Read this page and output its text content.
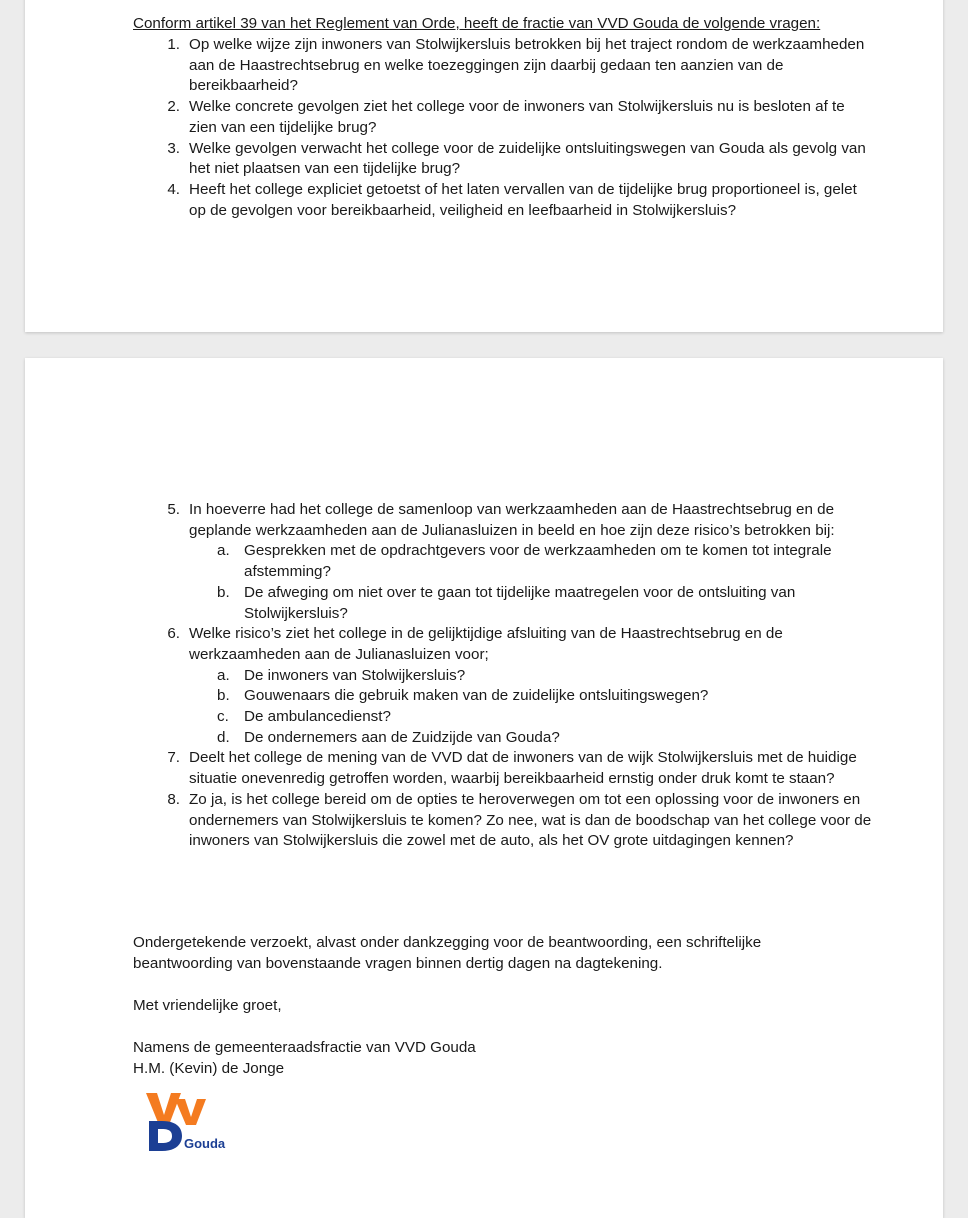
Conform artikel 39 van het Reglement van Orde, heeft de fractie van VVD Gouda de volgende vragen:
1. Op welke wijze zijn inwoners van Stolwijkersluis betrokken bij het traject rondom de werkzaamheden aan de Haastrechtsebrug en welke toezeggingen zijn daarbij gedaan ten aanzien van de bereikbaarheid?
2. Welke concrete gevolgen ziet het college voor de inwoners van Stolwijkersluis nu is besloten af te zien van een tijdelijke brug?
3. Welke gevolgen verwacht het college voor de zuidelijke ontsluitingswegen van Gouda als gevolg van het niet plaatsen van een tijdelijke brug?
4. Heeft het college expliciet getoetst of het laten vervallen van de tijdelijke brug proportioneel is, gelet op de gevolgen voor bereikbaarheid, veiligheid en leefbaarheid in Stolwijkersluis?
5. In hoeverre had het college de samenloop van werkzaamheden aan de Haastrechtsebrug en de geplande werkzaamheden aan de Julianasluizen in beeld en hoe zijn deze risico’s betrokken bij:
a. Gesprekken met de opdrachtgevers voor de werkzaamheden om te komen tot integrale afstemming?
b. De afweging om niet over te gaan tot tijdelijke maatregelen voor de ontsluiting van Stolwijkersluis?
6. Welke risico’s ziet het college in de gelijktijdige afsluiting van de Haastrechtsebrug en de werkzaamheden aan de Julianasluizen voor;
a. De inwoners van Stolwijkersluis?
b. Gouwenaars die gebruik maken van de zuidelijke ontsluitingswegen?
c. De ambulancedienst?
d. De ondernemers aan de Zuidzijde van Gouda?
7. Deelt het college de mening van de VVD dat de inwoners van de wijk Stolwijkersluis met de huidige situatie onevenredig getroffen worden, waarbij bereikbaarheid ernstig onder druk komt te staan?
8. Zo ja, is het college bereid om de opties te heroverwegen om tot een oplossing voor de inwoners en ondernemers van Stolwijkersluis te komen? Zo nee, wat is dan de boodschap van het college voor de inwoners van Stolwijkersluis die zowel met de auto, als het OV grote uitdagingen kennen?
Ondergetekende verzoekt, alvast onder dankzegging voor de beantwoording, een schriftelijke beantwoording van bovenstaande vragen binnen dertig dagen na dagtekening.
Met vriendelijke groet,
Namens de gemeenteraadsfractie van VVD Gouda
H.M. (Kevin) de Jonge
Gouda
